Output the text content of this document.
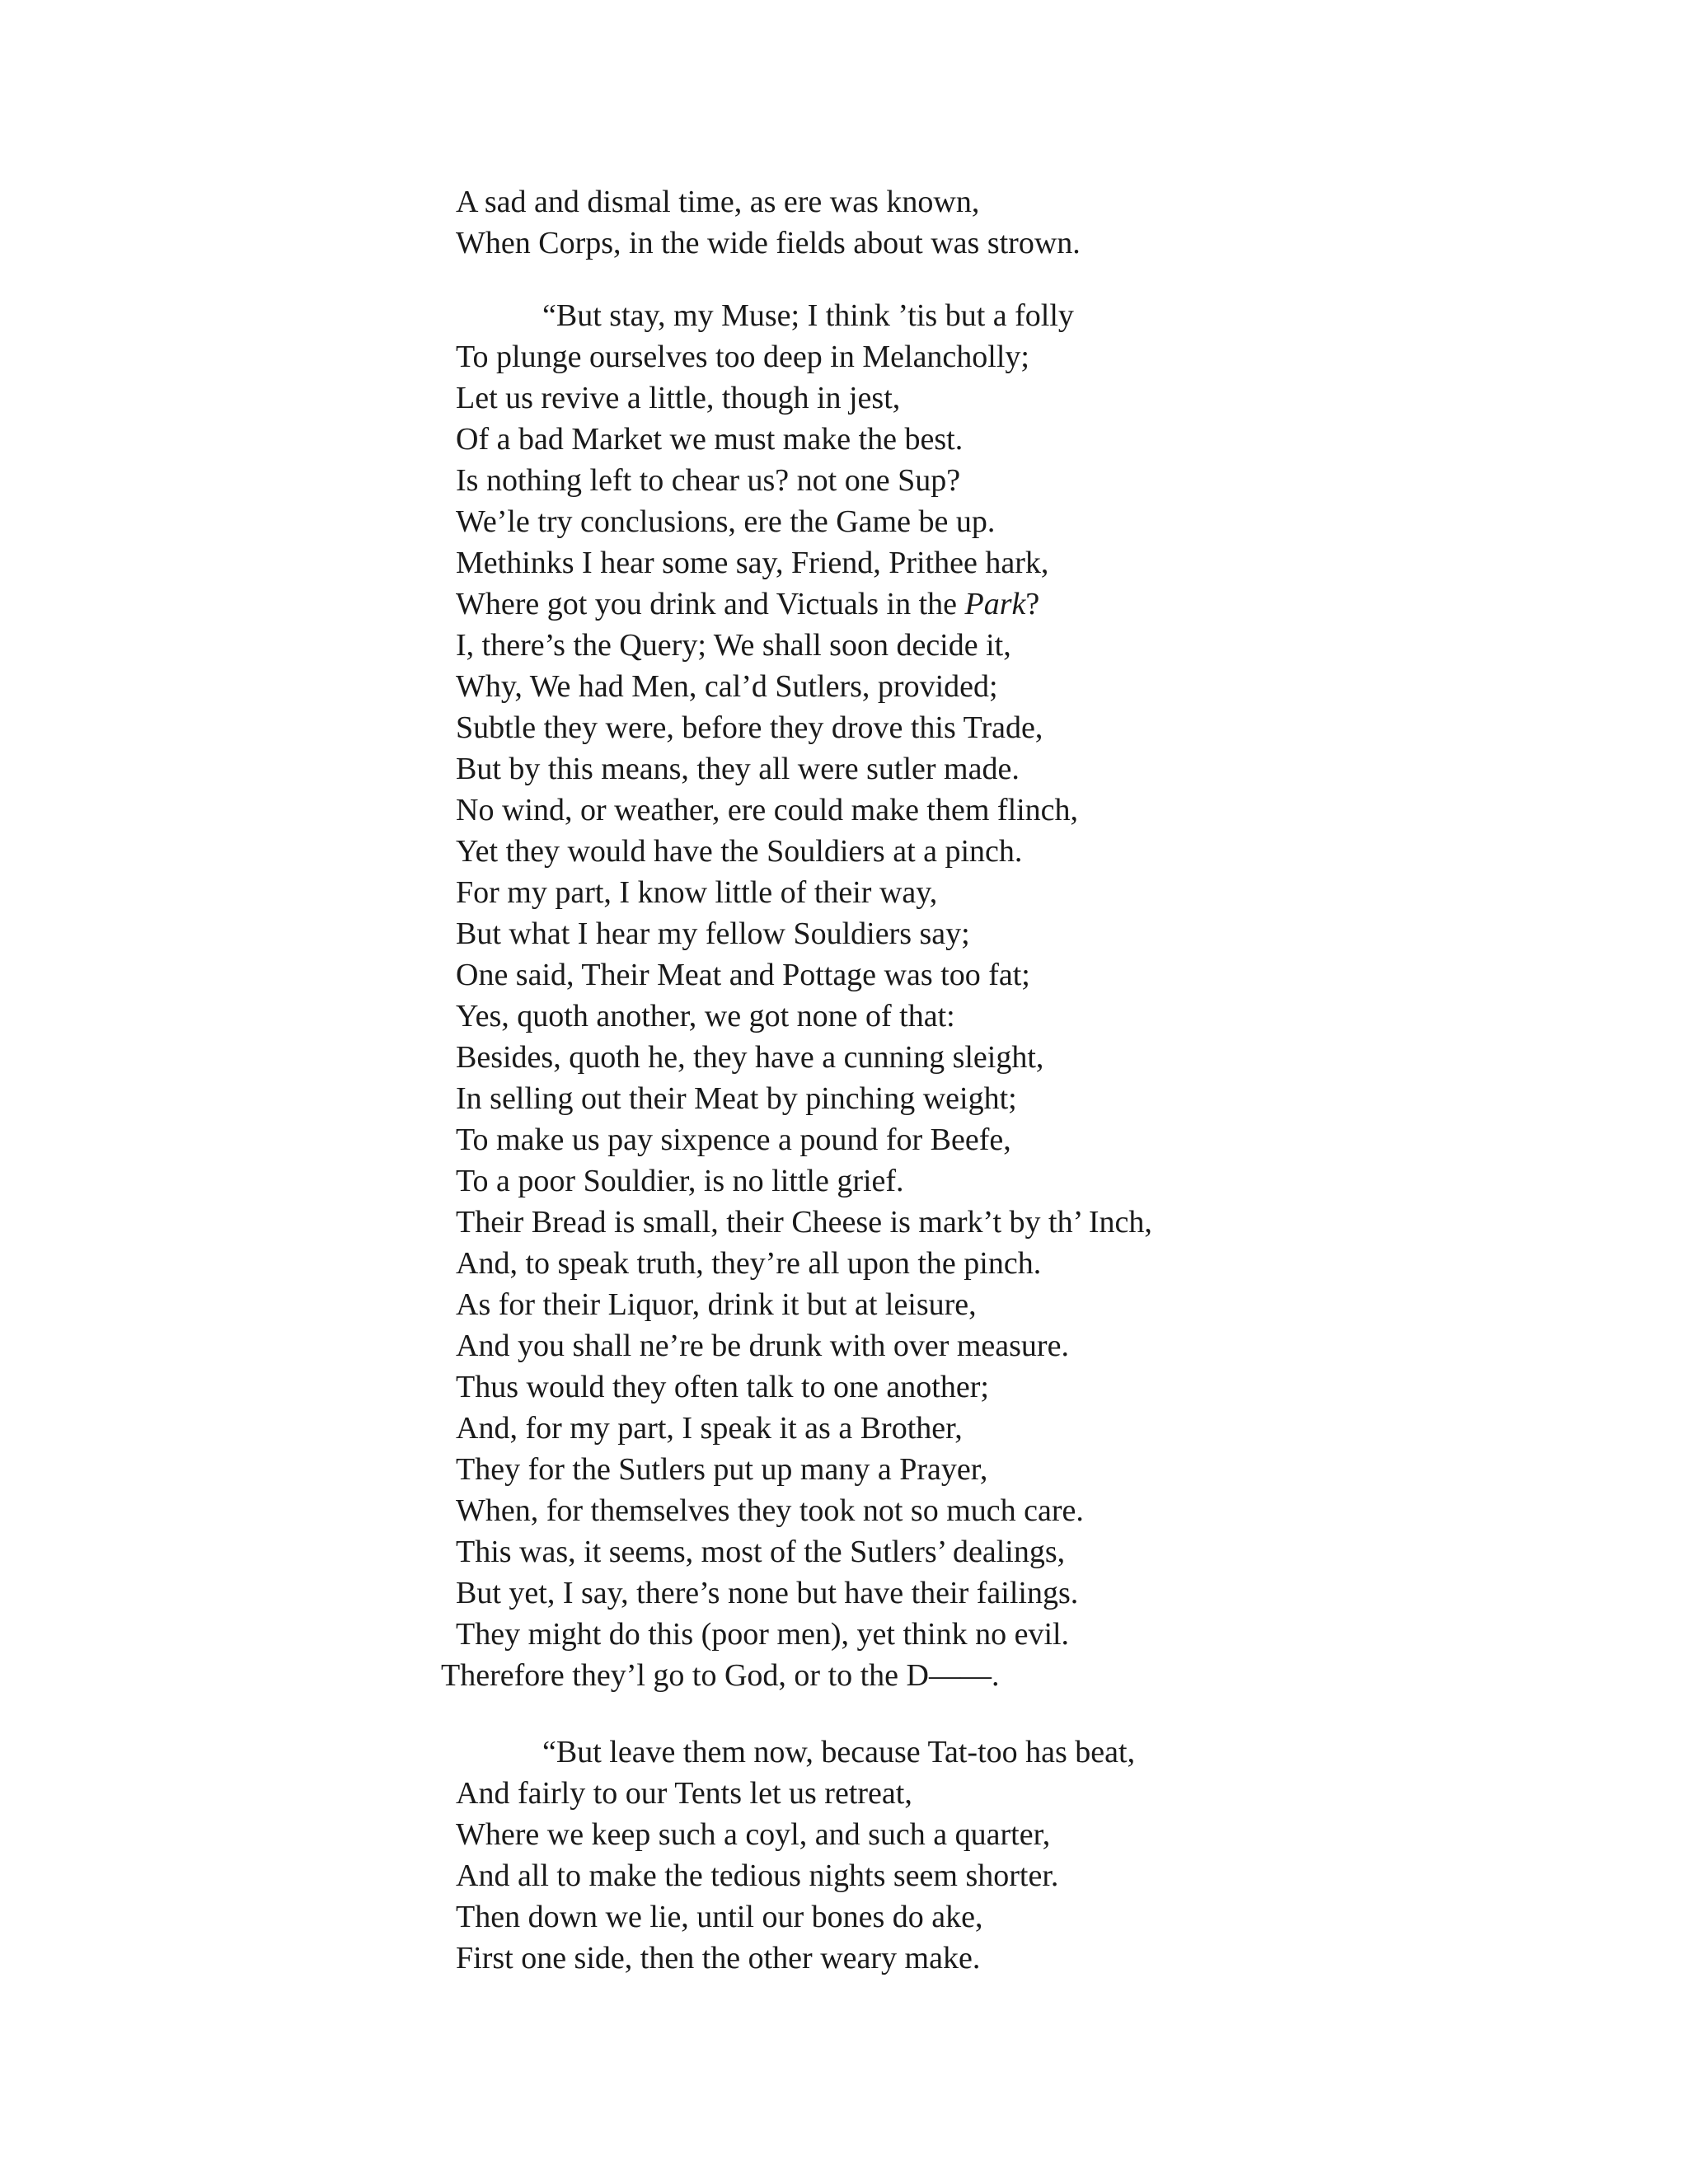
A sad and dismal time, as ere was known,
When Corps, in the wide fields about was strown.
“But stay, my Muse; I think ’tis but a folly
To plunge ourselves too deep in Melancholly;
Let us revive a little, though in jest,
Of a bad Market we must make the best.
Is nothing left to chear us? not one Sup?
We’le try conclusions, ere the Game be up.
Methinks I hear some say, Friend, Prithee hark,
Where got you drink and Victuals in the Park?
I, there’s the Query; We shall soon decide it,
Why, We had Men, cal’d Sutlers, provided;
Subtle they were, before they drove this Trade,
But by this means, they all were sutler made.
No wind, or weather, ere could make them flinch,
Yet they would have the Souldiers at a pinch.
For my part, I know little of their way,
But what I hear my fellow Souldiers say;
One said, Their Meat and Pottage was too fat;
Yes, quoth another, we got none of that:
Besides, quoth he, they have a cunning sleight,
In selling out their Meat by pinching weight;
To make us pay sixpence a pound for Beefe,
To a poor Souldier, is no little grief.
Their Bread is small, their Cheese is mark’t by th’ Inch,
And, to speak truth, they’re all upon the pinch.
As for their Liquor, drink it but at leisure,
And you shall ne’re be drunk with over measure.
Thus would they often talk to one another;
And, for my part, I speak it as a Brother,
They for the Sutlers put up many a Prayer,
When, for themselves they took not so much care.
This was, it seems, most of the Sutlers’ dealings,
But yet, I say, there’s none but have their failings.
They might do this (poor men), yet think no evil.
Therefore they’l go to God, or to the D——.
“But leave them now, because Tat-too has beat,
And fairly to our Tents let us retreat,
Where we keep such a coyl, and such a quarter,
And all to make the tedious nights seem shorter.
Then down we lie, until our bones do ake,
First one side, then the other weary make.
